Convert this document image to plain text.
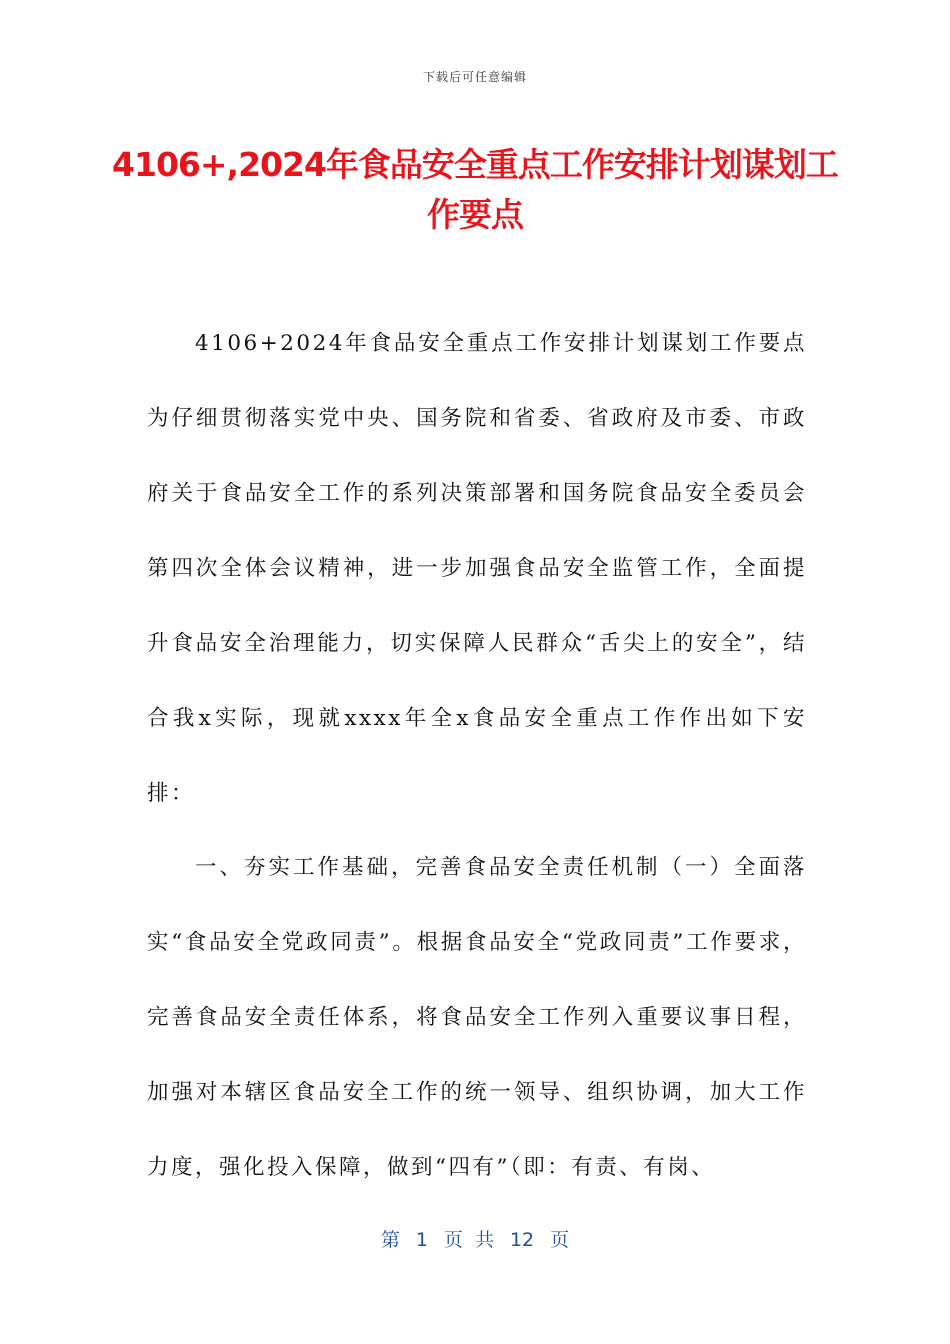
下载后可任意编辑
4106+,2024年食品安全重点工作安排计划谋划工作要点
4106+2024年食品安全重点工作安排计划谋划工作要点为仔细贯彻落实党中央、国务院和省委、省政府及市委、市政府关于食品安全工作的系列决策部署和国务院食品安全委员会第四次全体会议精神，进一步加强食品安全监管工作，全面提升食品安全治理能力，切实保障人民群众“舌尖上的安全”，结合我x实际，现就xxxx年全x食品安全重点工作作出如下安排：
一、夯实工作基础，完善食品安全责任机制（一）全面落实“食品安全党政同责”。根据食品安全“党政同责”工作要求，完善食品安全责任体系，将食品安全工作列入重要议事日程，加强对本辖区食品安全工作的统一领导、组织协调，加大工作力度，强化投入保障，做到“四有”（即：有责、有岗、
第 1 页 共 12 页
